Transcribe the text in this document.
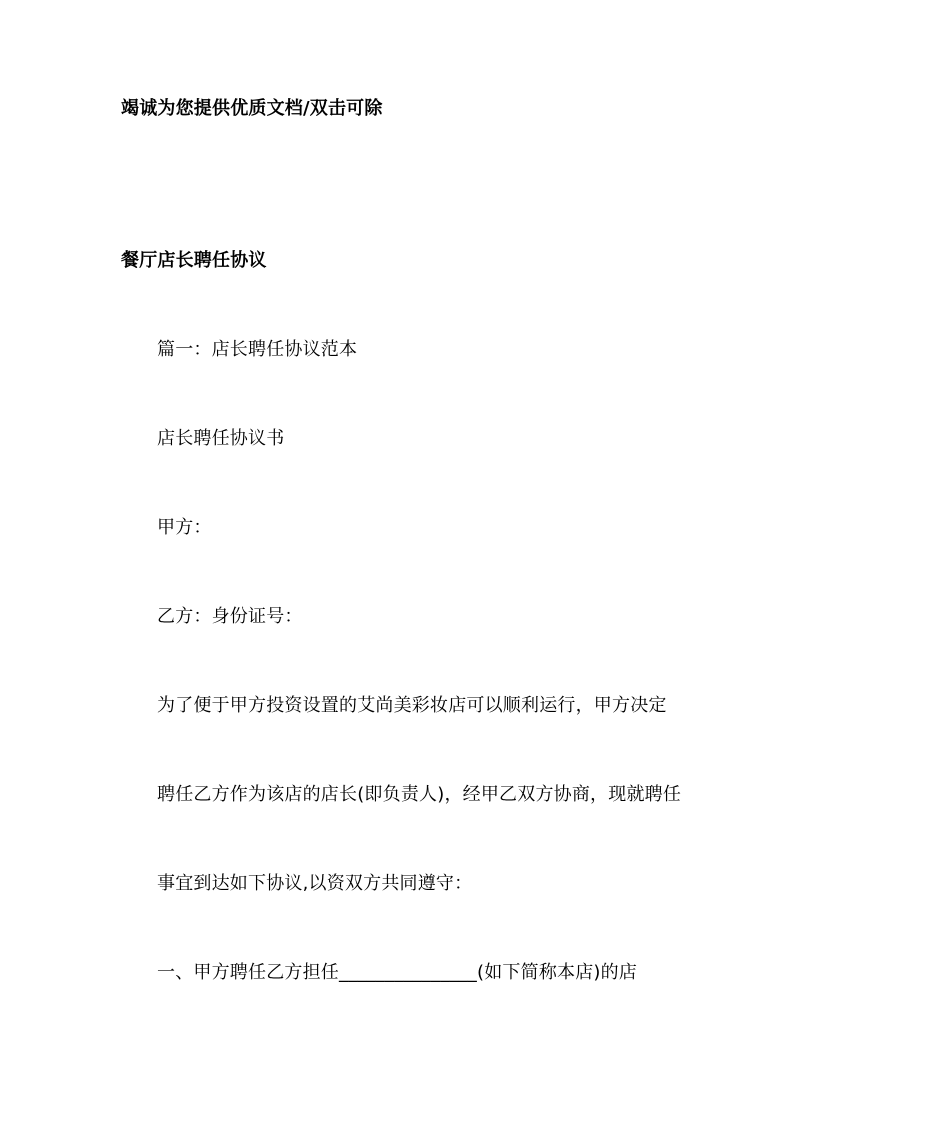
竭诚为您提供优质文档/双击可除
餐厅店长聘任协议
篇一：店长聘任协议范本
店长聘任协议书
甲方：
乙方：身份证号：
为了便于甲方投资设置的艾尚美彩妆店可以顺利运行，甲方决定
聘任乙方作为该店的店长(即负责人)，经甲乙双方协商，现就聘任
事宜到达如下协议,以资双方共同遵守：
一、甲方聘任乙方担任_______________(如下简称本店)的店
